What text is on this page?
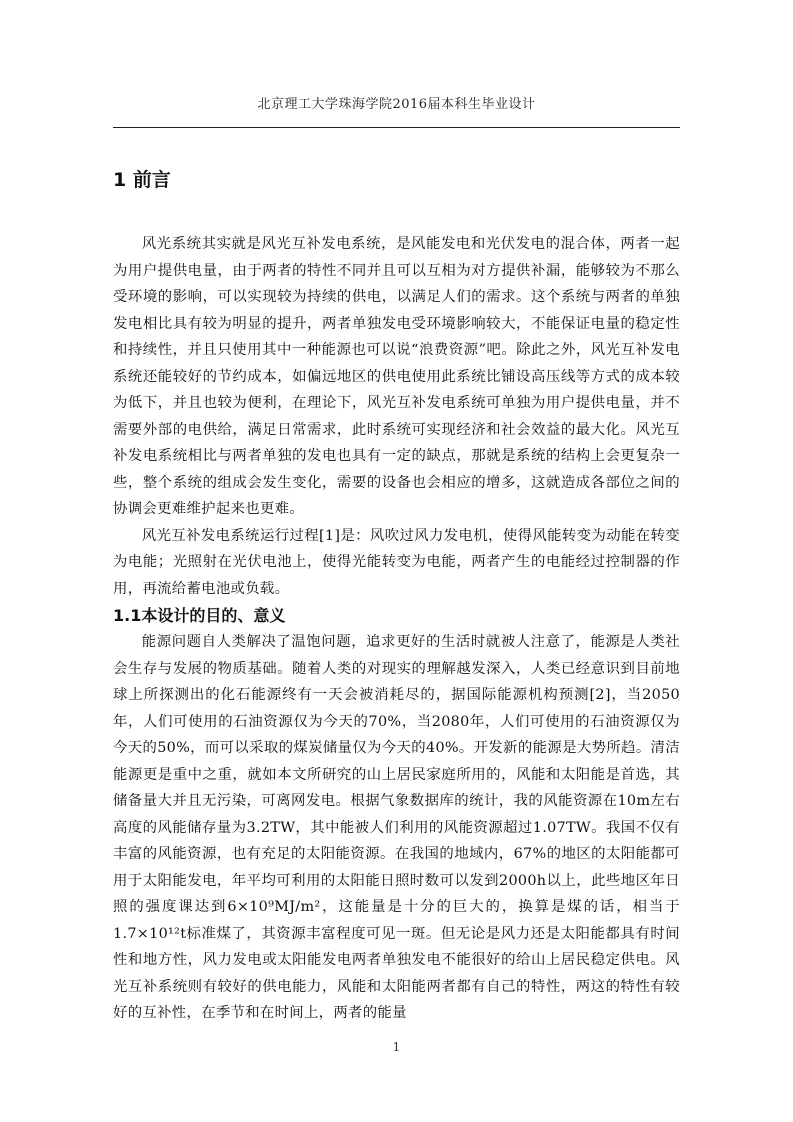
北京理工大学珠海学院2016届本科生毕业设计
1 前言

风光系统其实就是风光互补发电系统，是风能发电和光伏发电的混合体，两者一起为用户提供电量，由于两者的特性不同并且可以互相为对方提供补漏，能够较为不那么受环境的影响，可以实现较为持续的供电，以满足人们的需求。这个系统与两者的单独发电相比具有较为明显的提升，两者单独发电受环境影响较大，不能保证电量的稳定性和持续性，并且只使用其中一种能源也可以说“浪费资源”吧。除此之外，风光互补发电系统还能较好的节约成本，如偏远地区的供电使用此系统比铺设高压线等方式的成本较为低下，并且也较为便利，在理论下，风光互补发电系统可单独为用户提供电量，并不需要外部的电供给，满足日常需求，此时系统可实现经济和社会效益的最大化。风光互补发电系统相比与两者单独的发电也具有一定的缺点，那就是系统的结构上会更复杂一些，整个系统的组成会发生变化，需要的设备也会相应的增多，这就造成各部位之间的协调会更难维护起来也更难。

风光互补发电系统运行过程[1]是：风吹过风力发电机，使得风能转变为动能在转变为电能；光照射在光伏电池上，使得光能转变为电能，两者产生的电能经过控制器的作用，再流给蓄电池或负载。

1.1本设计的目的、意义

能源问题自人类解决了温饱问题，追求更好的生活时就被人注意了，能源是人类社会生存与发展的物质基础。随着人类的对现实的理解越发深入，人类已经意识到目前地球上所探测出的化石能源终有一天会被消耗尽的，据国际能源机构预测[2]，当2050年，人们可使用的石油资源仅为今天的70%，当2080年，人们可使用的石油资源仅为今天的50%，而可以采取的煤炭储量仅为今天的40%。开发新的能源是大势所趋。清洁能源更是重中之重，就如本文所研究的山上居民家庭所用的，风能和太阳能是首选，其储备量大并且无污染，可离网发电。根据气象数据库的统计，我的风能资源在10m左右高度的风能储存量为3.2TW，其中能被人们利用的风能资源超过1.07TW。我国不仅有丰富的风能资源，也有充足的太阳能资源。在我国的地域内，67%的地区的太阳能都可用于太阳能发电，年平均可利用的太阳能日照时数可以发到2000h以上，此些地区年日照的强度课达到6×10⁹MJ/m²，这能量是十分的巨大的，换算是煤的话，相当于1.7×10¹²t标准煤了，其资源丰富程度可见一斑。但无论是风力还是太阳能都具有时间性和地方性，风力发电或太阳能发电两者单独发电不能很好的给山上居民稳定供电。风光互补系统则有较好的供电能力，风能和太阳能两者都有自己的特性，两这的特性有较好的互补性，在季节和在时间上，两者的能量

1
